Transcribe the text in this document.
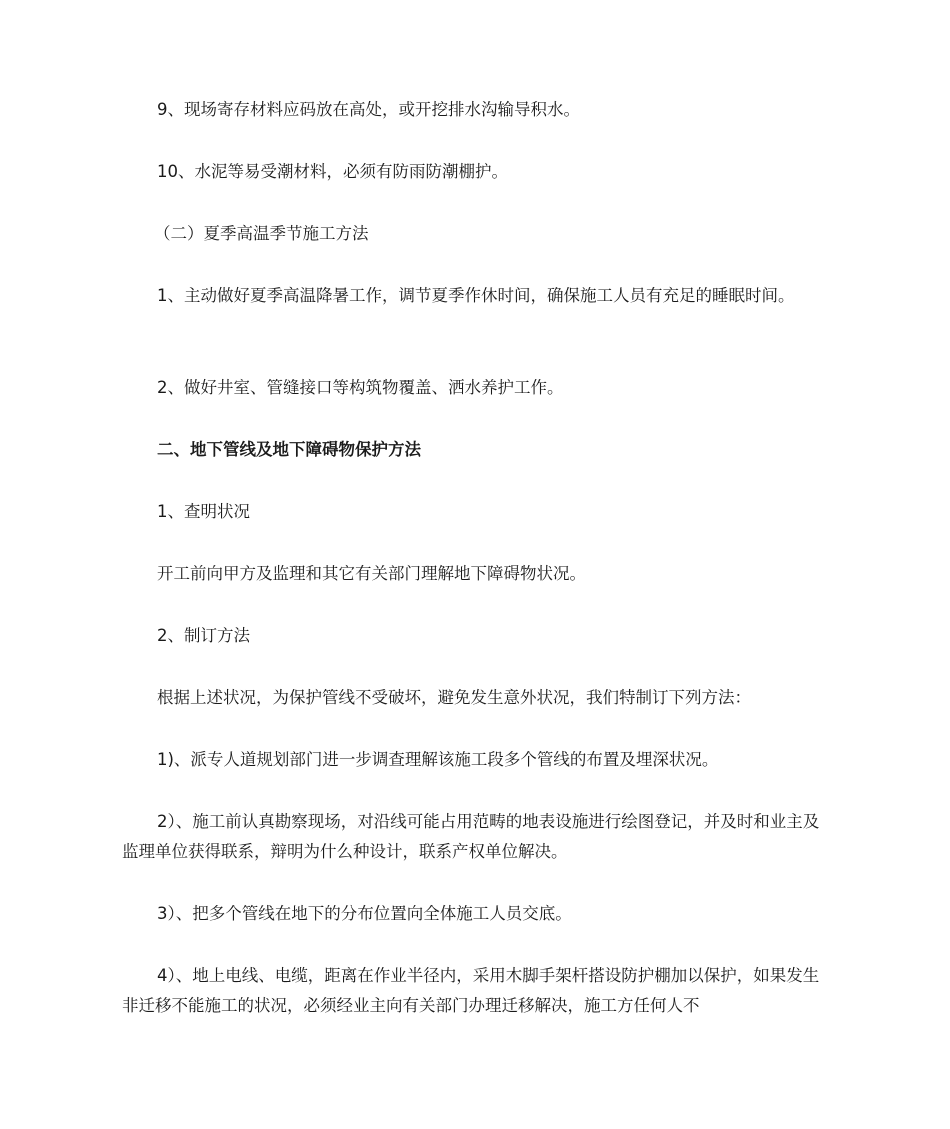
9、现场寄存材料应码放在高处，或开挖排水沟输导积水。

10、水泥等易受潮材料，必须有防雨防潮棚护。

（二）夏季高温季节施工方法

1、主动做好夏季高温降暑工作，调节夏季作休时间，确保施工人员有充足的睡眠时间。

2、做好井室、管缝接口等构筑物覆盖、洒水养护工作。

二、地下管线及地下障碍物保护方法

1、查明状况

开工前向甲方及监理和其它有关部门理解地下障碍物状况。

2、制订方法

根据上述状况，为保护管线不受破坏，避免发生意外状况，我们特制订下列方法：

1)、派专人道规划部门进一步调查理解该施工段多个管线的布置及埋深状况。

2）、施工前认真勘察现场，对沿线可能占用范畴的地表设施进行绘图登记，并及时和业主及监理单位获得联系，辩明为什么种设计，联系产权单位解决。

3）、把多个管线在地下的分布位置向全体施工人员交底。

4）、地上电线、电缆，距离在作业半径内，采用木脚手架杆搭设防护棚加以保护，如果发生非迁移不能施工的状况，必须经业主向有关部门办理迁移解决，施工方任何人不
